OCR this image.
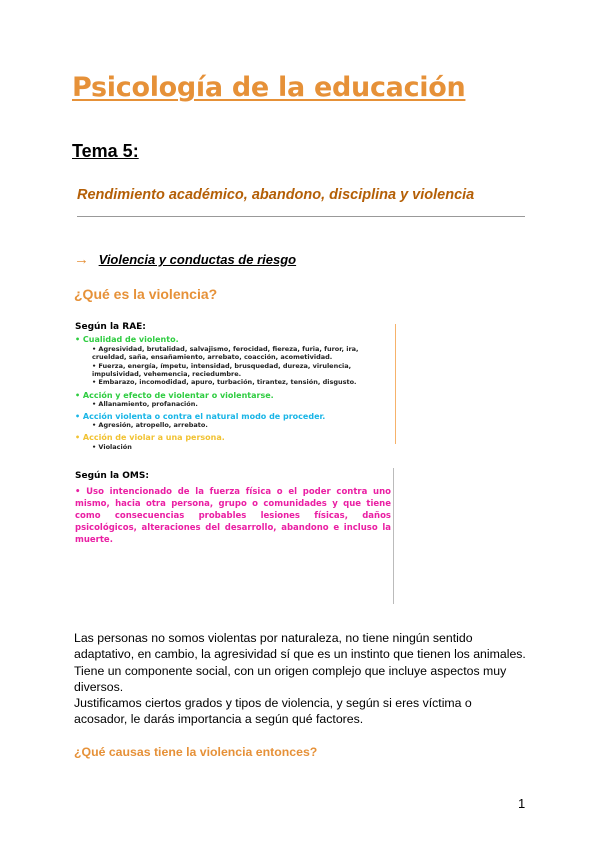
Psicología de la educación
Tema 5:
Rendimiento académico, abandono, disciplina y violencia
→ Violencia y conductas de riesgo
¿Qué es la violencia?
Según la RAE:
• Cualidad de violento.
• Agresividad, brutalidad, salvajismo, ferocidad, fiereza, furia, furor, ira, crueldad, saña, ensañamiento, arrebato, coacción, acometividad.
• Fuerza, energía, ímpetu, intensidad, brusquedad, dureza, virulencia, impulsividad, vehemencia, reciedumbre.
• Embarazo, incomodidad, apuro, turbación, tirantez, tensión, disgusto.
• Acción y efecto de violentar o violentarse.
• Allanamiento, profanación.
• Acción violenta o contra el natural modo de proceder.
• Agresión, atropello, arrebato.
• Acción de violar a una persona.
• Violación
Según la OMS:
• Uso intencionado de la fuerza física o el poder contra uno mismo, hacia otra persona, grupo o comunidades y que tiene como consecuencias probables lesiones físicas, daños psicológicos, alteraciones del desarrollo, abandono e incluso la muerte.

Las personas no somos violentas por naturaleza, no tiene ningún sentido adaptativo, en cambio, la agresividad sí que es un instinto que tienen los animales.

Tiene un componente social, con un origen complejo que incluye aspectos muy diversos.

Justificamos ciertos grados y tipos de violencia, y según si eres víctima o acosador, le darás importancia a según qué factores.

¿Qué causas tiene la violencia entonces?
1
